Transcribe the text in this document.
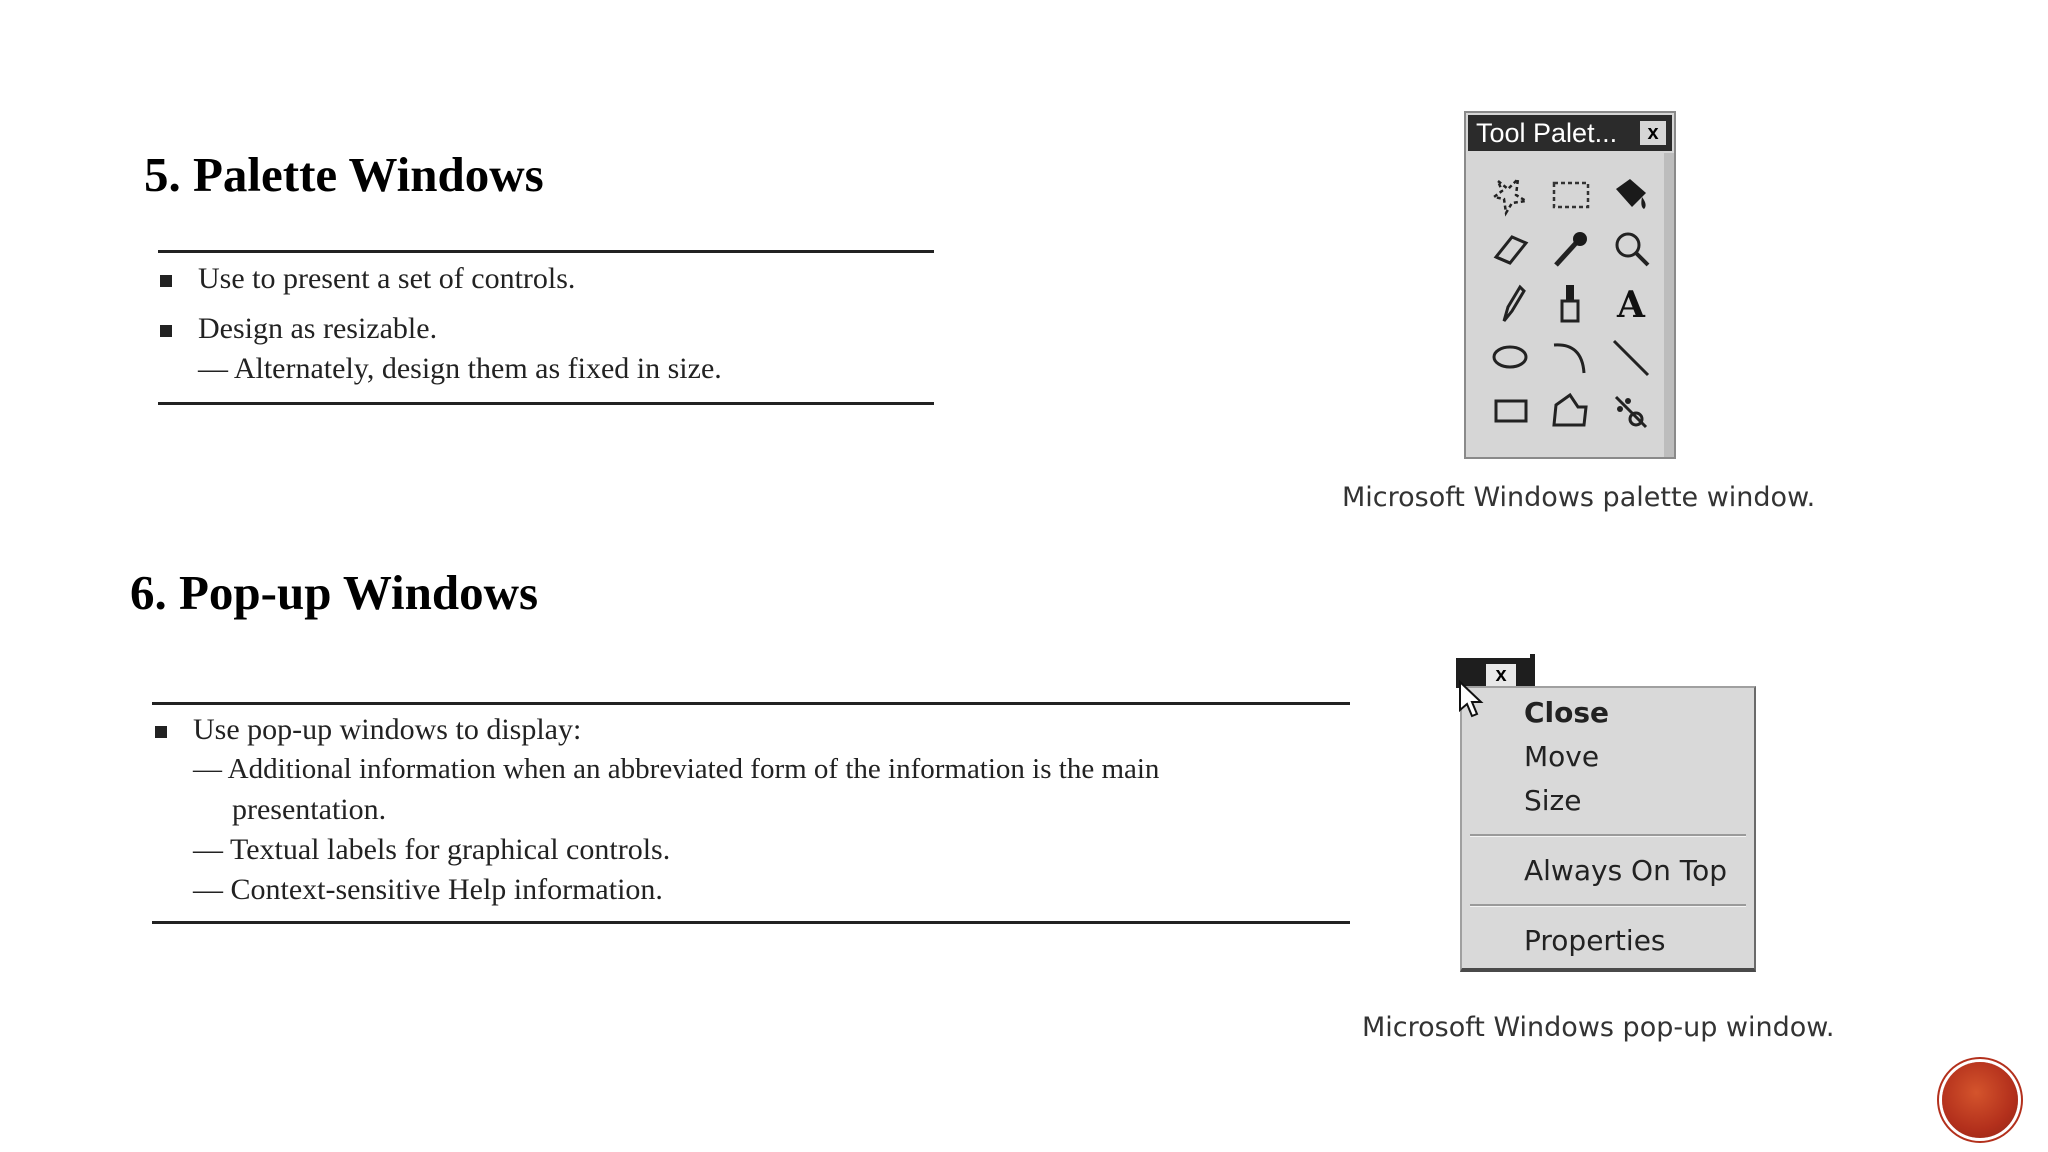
5. Palette Windows
Use to present a set of controls.
Design as resizable.
— Alternately, design them as fixed in size.
Tool Palet...	x
A
Microsoft Windows palette window.
6. Pop-up Windows
Use pop-up windows to display:
— Additional information when an abbreviated form of the information is the main
presentation.
— Textual labels for graphical controls.
— Context-sensitive Help information.
x
Close
Move
Size
Always On Top
Properties
Microsoft Windows pop-up window.
